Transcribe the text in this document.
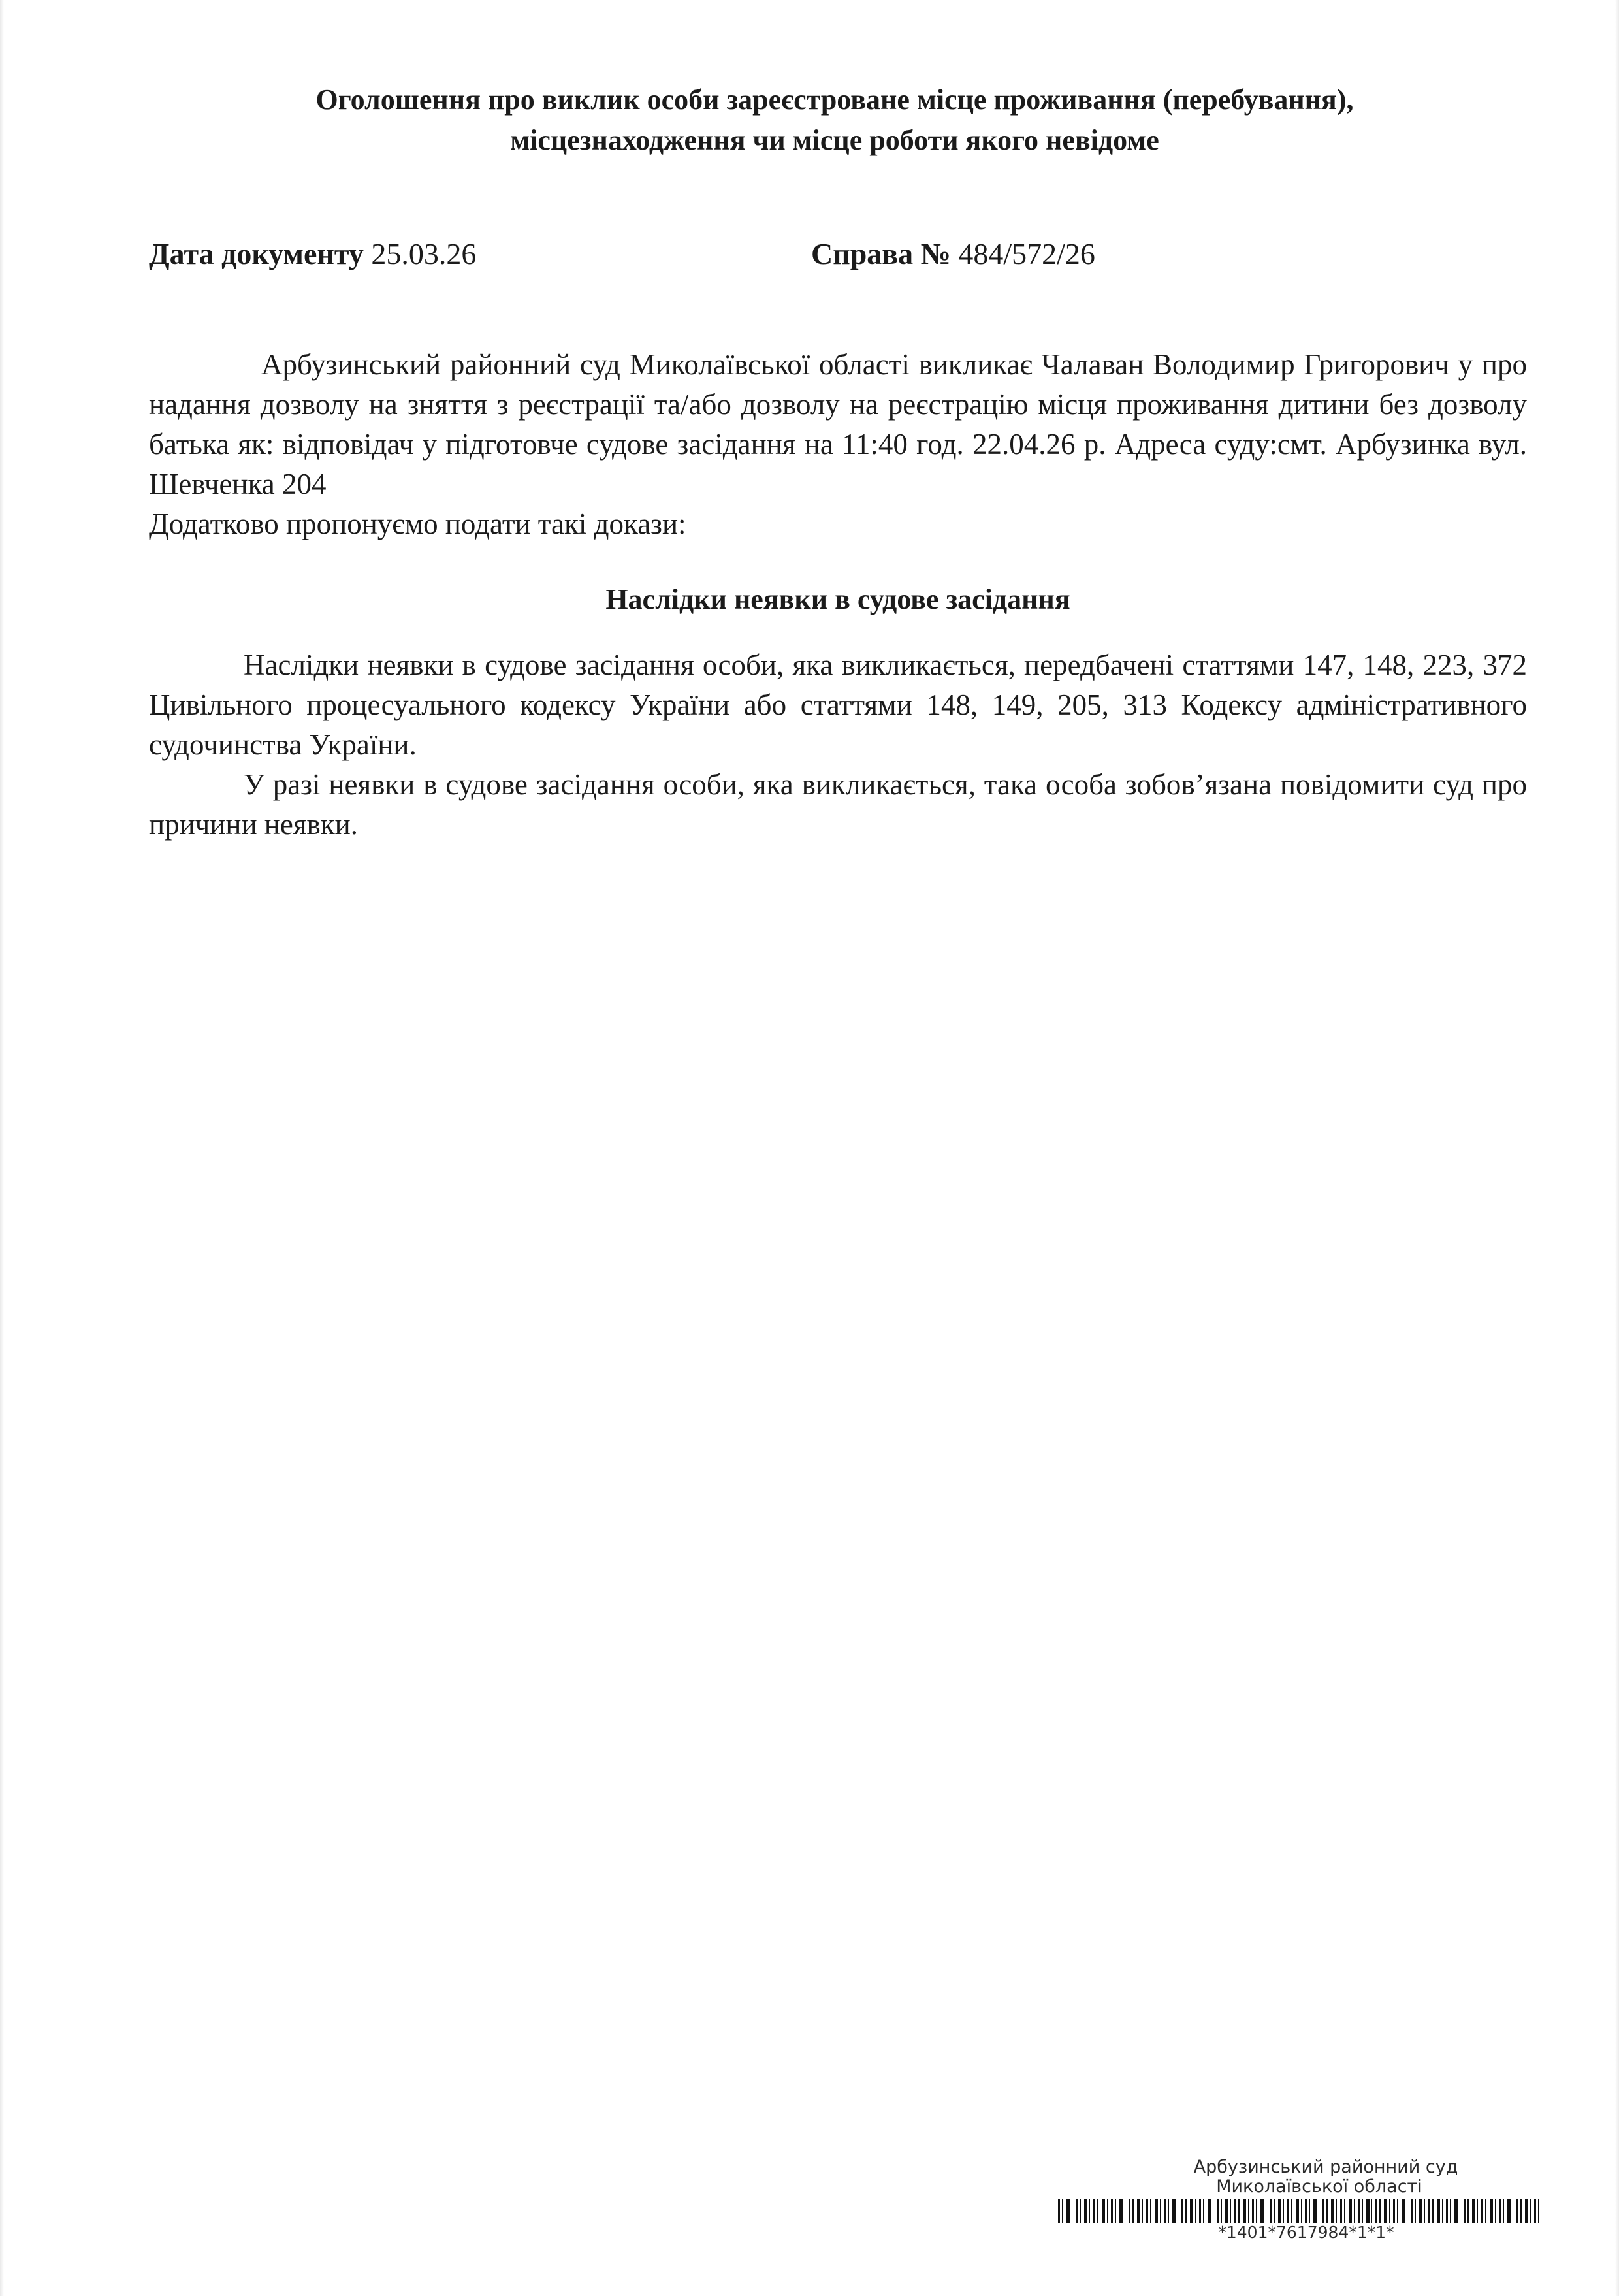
Оголошення про виклик особи зареєстроване місце проживання (перебування),
місцезнаходження чи місце роботи якого невідоме
Дата документу 25.03.26	Справа № 484/572/26

Арбузинський районний суд Миколаївської області викликає Чалаван Володимир Григорович у про надання дозволу на зняття з реєстрації та/або дозволу на реєстрацію місця проживання дитини без дозволу батька як: відповідач у підготовче судове засідання на 11:40 год. 22.04.26 р. Адреса суду:смт. Арбузинка вул. Шевченка 204

Додатково пропонуємо подати такі докази:

Наслідки неявки в судове засідання

Наслідки неявки в судове засідання особи, яка викликається, передбачені статтями 147, 148, 223, 372 Цивільного процесуального кодексу України або статтями 148, 149, 205, 313 Кодексу адміністративного судочинства України.

У разі неявки в судове засідання особи, яка викликається, така особа зобов’язана повідомити суд про причини неявки.

Арбузинський районний суд
Миколаївської області
*1401*7617984*1*1*
